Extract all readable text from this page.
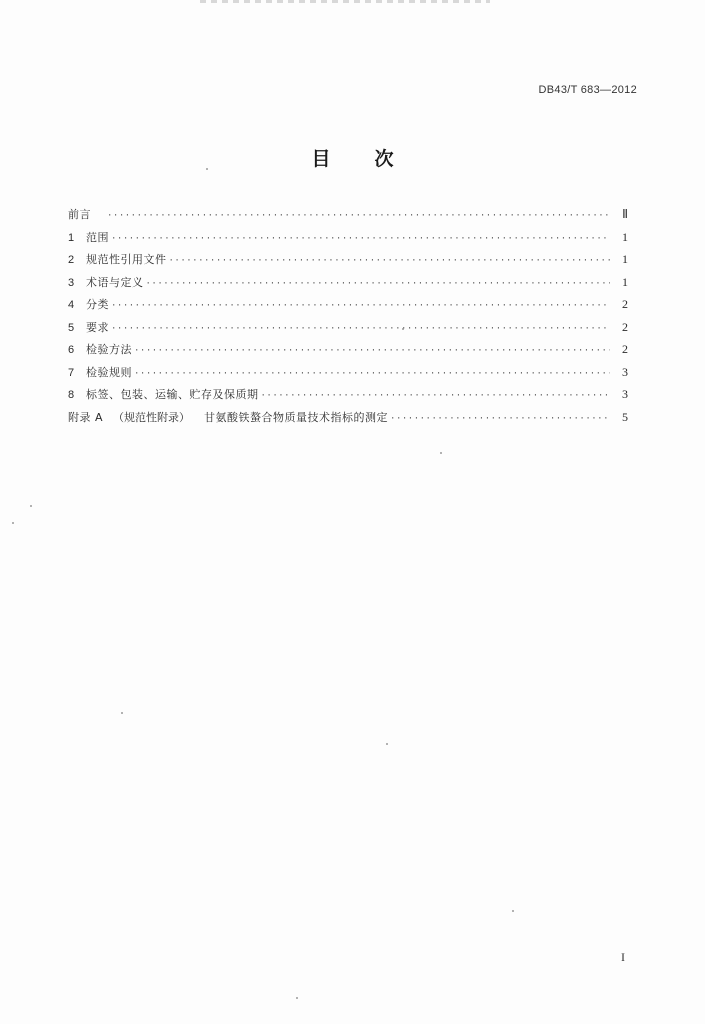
DB43/T 683—2012
目 次
前言 ·····	Ⅱ
1	范围 ·····	1
2	规范性引用文件 ·····	1
3	术语与定义 ·····	1
4	分类 ·····	2
5	要求 ·····	2
6	检验方法 ·····	2
7	检验规则 ·····	3
8	标签、包装、运输、贮存及保质期 ·····	3
附录 A （规范性附录） 甘氨酸铁螯合物质量技术指标的测定 ·····	5
I
